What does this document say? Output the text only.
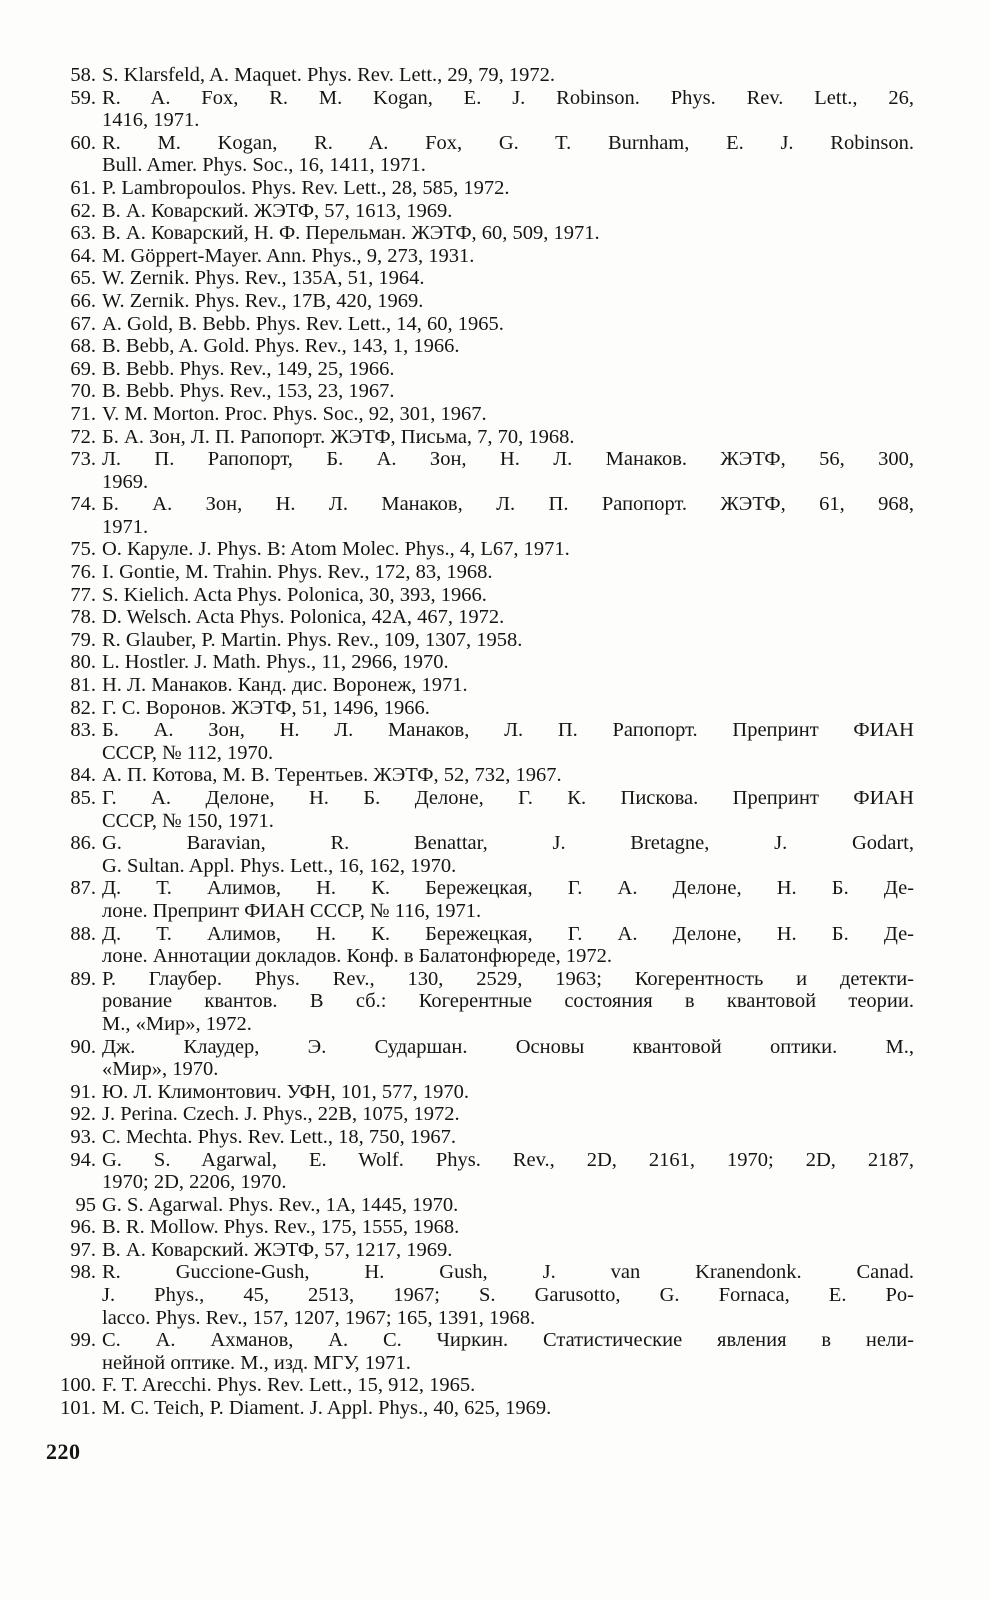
58. S. Klarsfeld, A. Maquet. Phys. Rev. Lett., 29, 79, 1972.
59. R. A. Fox, R. M. Kogan, E. J. Robinson. Phys. Rev. Lett., 26,
1416, 1971.
60. R. M. Kogan, R. A. Fox, G. T. Burnham, E. J. Robinson.
Bull. Amer. Phys. Soc., 16, 1411, 1971.
61. P. Lambropoulos. Phys. Rev. Lett., 28, 585, 1972.
62. В. А. Коварский. ЖЭТФ, 57, 1613, 1969.
63. В. А. Коварский, Н. Ф. Перельман. ЖЭТФ, 60, 509, 1971.
64. M. Göppert-Mayer. Ann. Phys., 9, 273, 1931.
65. W. Zernik. Phys. Rev., 135A, 51, 1964.
66. W. Zernik. Phys. Rev., 17B, 420, 1969.
67. A. Gold, B. Bebb. Phys. Rev. Lett., 14, 60, 1965.
68. B. Bebb, A. Gold. Phys. Rev., 143, 1, 1966.
69. B. Bebb. Phys. Rev., 149, 25, 1966.
70. B. Bebb. Phys. Rev., 153, 23, 1967.
71. V. M. Morton. Proc. Phys. Soc., 92, 301, 1967.
72. Б. А. Зон, Л. П. Рапопорт. ЖЭТФ, Письма, 7, 70, 1968.
73. Л. П. Рапопорт, Б. А. Зон, Н. Л. Манаков. ЖЭТФ, 56, 300,
1969.
74. Б. А. Зон, Н. Л. Манаков, Л. П. Рапопорт. ЖЭТФ, 61, 968,
1971.
75. О. Каруле. J. Phys. B: Atom Molec. Phys., 4, L67, 1971.
76. I. Gontie, M. Trahin. Phys. Rev., 172, 83, 1968.
77. S. Kielich. Acta Phys. Polonica, 30, 393, 1966.
78. D. Welsch. Acta Phys. Polonica, 42A, 467, 1972.
79. R. Glauber, P. Martin. Phys. Rev., 109, 1307, 1958.
80. L. Hostler. J. Math. Phys., 11, 2966, 1970.
81. Н. Л. Манаков. Канд. дис. Воронеж, 1971.
82. Г. С. Воронов. ЖЭТФ, 51, 1496, 1966.
83. Б. А. Зон, Н. Л. Манаков, Л. П. Рапопорт. Препринт ФИАН
СССР, № 112, 1970.
84. А. П. Котова, М. В. Терентьев. ЖЭТФ, 52, 732, 1967.
85. Г. А. Делоне, Н. Б. Делоне, Г. К. Пискова. Препринт ФИАН
СССР, № 150, 1971.
86. G. Baravian, R. Benattar, J. Bretagne, J. Godart,
G. Sultan. Appl. Phys. Lett., 16, 162, 1970.
87. Д. Т. Алимов, Н. К. Бережецкая, Г. А. Делоне, Н. Б. Де-
лоне. Препринт ФИАН СССР, № 116, 1971.
88. Д. Т. Алимов, Н. К. Бережецкая, Г. А. Делоне, Н. Б. Де-
лоне. Аннотации докладов. Конф. в Балатонфюреде, 1972.
89. Р. Глаубер. Phys. Rev., 130, 2529, 1963; Когерентность и детекти-
рование квантов. В сб.: Когерентные состояния в квантовой теории.
М., «Мир», 1972.
90. Дж. Клаудер, Э. Сударшан. Основы квантовой оптики. М.,
«Мир», 1970.
91. Ю. Л. Климонтович. УФН, 101, 577, 1970.
92. J. Perina. Czech. J. Phys., 22B, 1075, 1972.
93. C. Mechta. Phys. Rev. Lett., 18, 750, 1967.
94. G. S. Agarwal, E. Wolf. Phys. Rev., 2D, 2161, 1970; 2D, 2187,
1970; 2D, 2206, 1970.
95 G. S. Agarwal. Phys. Rev., 1A, 1445, 1970.
96. B. R. Mollow. Phys. Rev., 175, 1555, 1968.
97. В. А. Коварский. ЖЭТФ, 57, 1217, 1969.
98. R. Guccione-Gush, H. Gush, J. van Kranendonk. Canad.
J. Phys., 45, 2513, 1967; S. Garusotto, G. Fornaca, E. Po-
lacco. Phys. Rev., 157, 1207, 1967; 165, 1391, 1968.
99. С. А. Ахманов, А. С. Чиркин. Статистические явления в нели-
нейной оптике. М., изд. МГУ, 1971.
100. F. T. Arecchi. Phys. Rev. Lett., 15, 912, 1965.
101. M. C. Teich, P. Diament. J. Appl. Phys., 40, 625, 1969.
220
